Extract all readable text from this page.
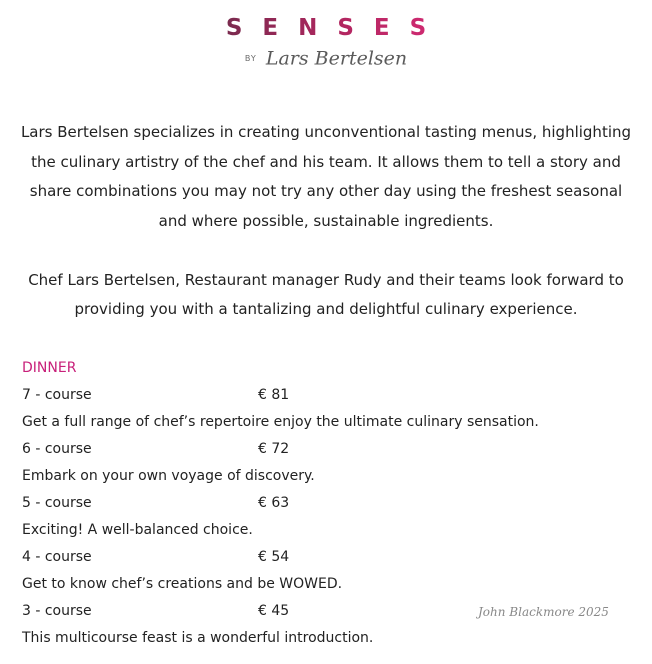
SENSES
BY Lars Bertelsen

Lars Bertelsen specializes in creating unconventional tasting menus, highlighting the culinary artistry of the chef and his team. It allows them to tell a story and share combinations you may not try any other day using the freshest seasonal and where possible, sustainable ingredients.

Chef Lars Bertelsen, Restaurant manager Rudy and their teams look forward to providing you with a tantalizing and delightful culinary experience.

DINNER
7 - course	€ 81
Get a full range of chef’s repertoire enjoy the ultimate culinary sensation.
6 - course	€ 72
Embark on your own voyage of discovery.
5 - course	€ 63
Exciting! A well-balanced choice.
4 - course	€ 54
Get to know chef’s creations and be WOWED.
3 - course	€ 45
This multicourse feast is a wonderful introduction.
John Blackmore 2025
